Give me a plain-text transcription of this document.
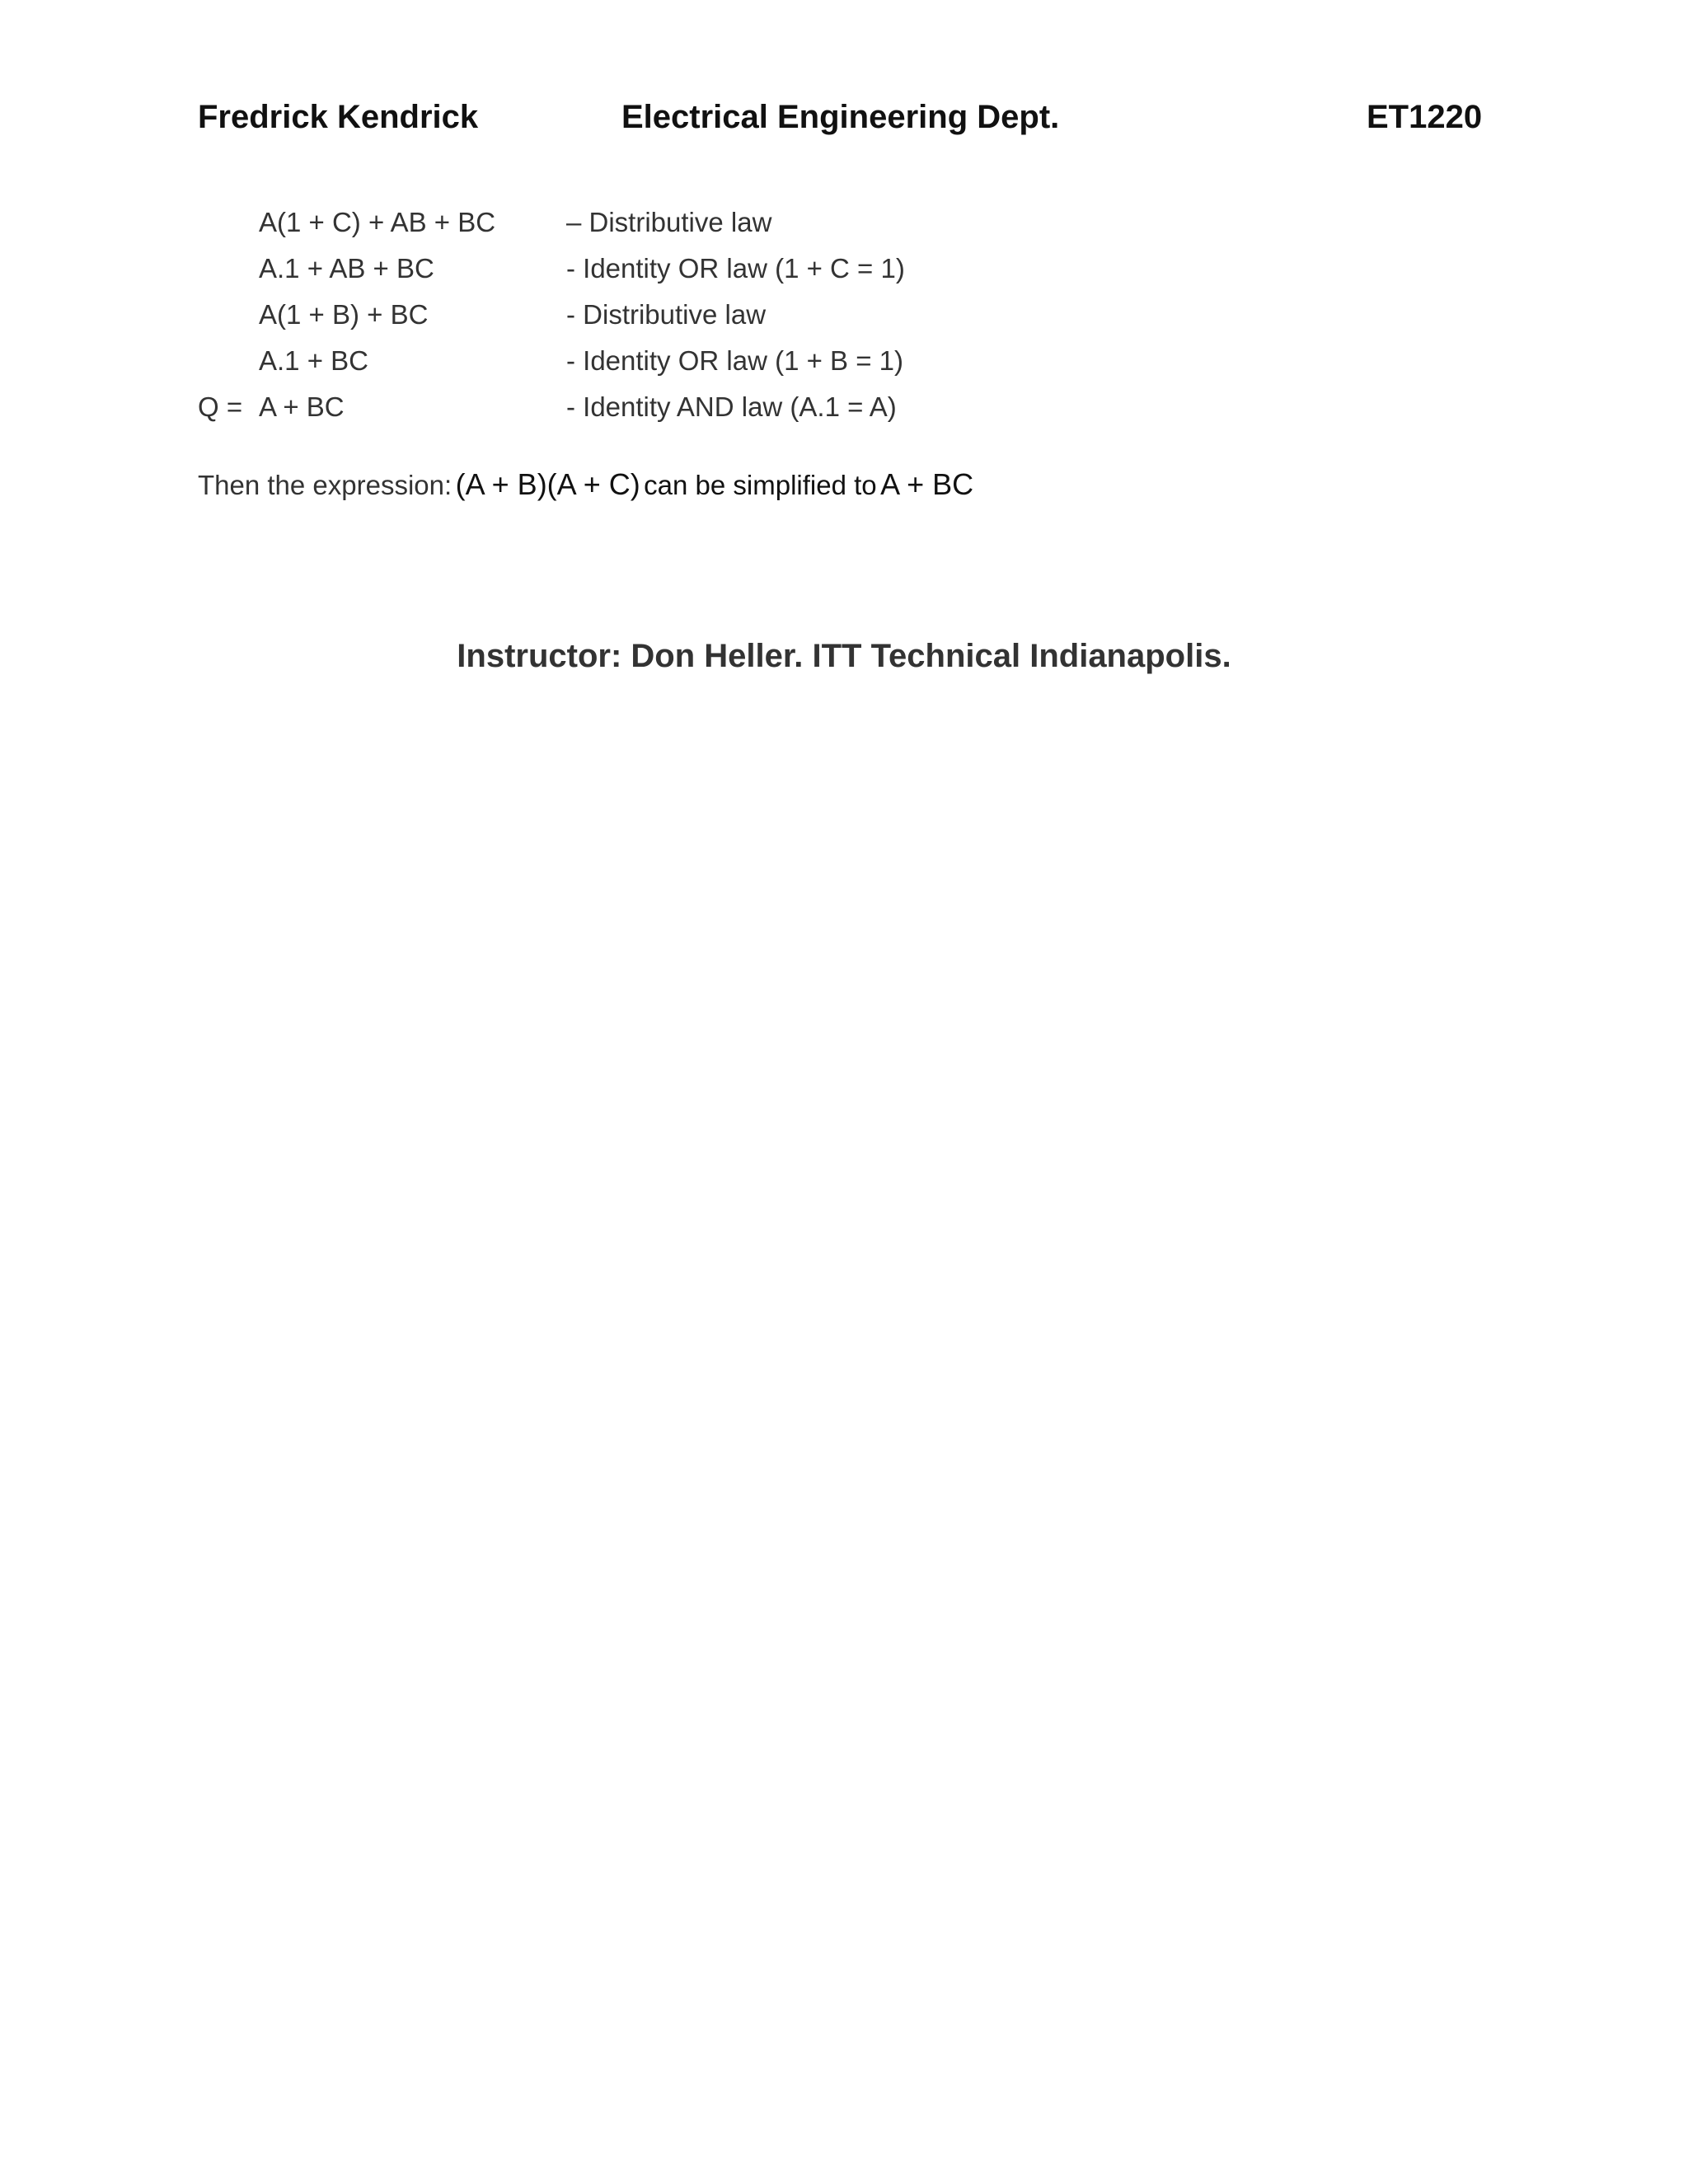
Fredrick Kendrick	Electrical Engineering Dept.	ET1220
A(1 + C) + AB + BC	– Distributive law
A.1 + AB + BC	- Identity OR law (1 + C = 1)
A(1 + B) + BC	- Distributive law
A.1 + BC	- Identity OR law (1 + B = 1)
Q = A + BC	- Identity AND law (A.1 = A)
Then the expression: (A + B)(A + C) can be simplified to A + BC
Instructor: Don Heller. ITT Technical Indianapolis.
